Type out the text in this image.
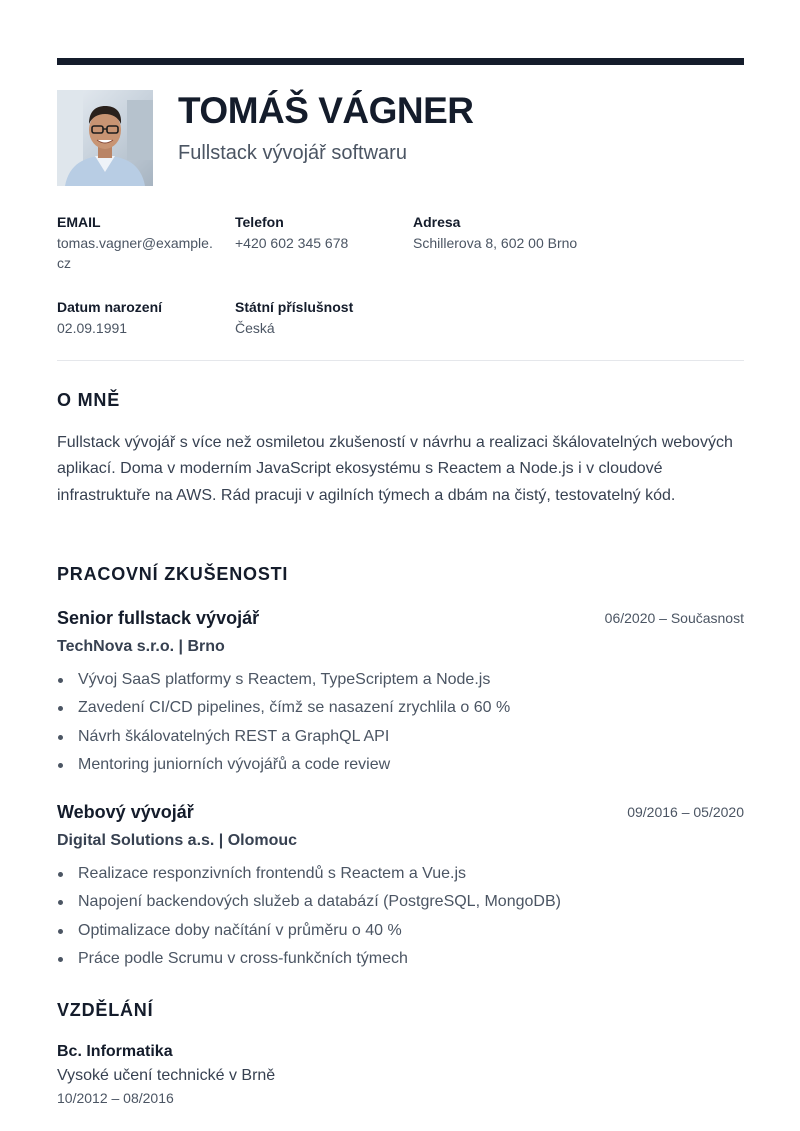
TOMÁŠ VÁGNER
Fullstack vývojář softwaru
EMAIL
tomas.vagner@example.cz
Telefon
+420 602 345 678
Adresa
Schillerova 8, 602 00 Brno
Datum narození
02.09.1991
Státní příslušnost
Česká
O MNĚ

Fullstack vývojář s více než osmiletou zkušeností v návrhu a realizaci škálovatelných webových aplikací. Doma v moderním JavaScript ekosystému s Reactem a Node.js i v cloudové infrastruktuře na AWS. Rád pracuji v agilních týmech a dbám na čistý, testovatelný kód.

PRACOVNÍ ZKUŠENOSTI
Senior fullstack vývojář	06/2020 – Současnost
TechNova s.r.o. | Brno
Vývoj SaaS platformy s Reactem, TypeScriptem a Node.js
Zavedení CI/CD pipelines, čímž se nasazení zrychlila o 60 %
Návrh škálovatelných REST a GraphQL API
Mentoring juniorních vývojářů a code review
Webový vývojář	09/2016 – 05/2020
Digital Solutions a.s. | Olomouc
Realizace responzivních frontendů s Reactem a Vue.js
Napojení backendových služeb a databází (PostgreSQL, MongoDB)
Optimalizace doby načítání v průměru o 40 %
Práce podle Scrumu v cross-funkčních týmech
VZDĚLÁNÍ
Bc. Informatika
Vysoké učení technické v Brně
10/2012 – 08/2016
